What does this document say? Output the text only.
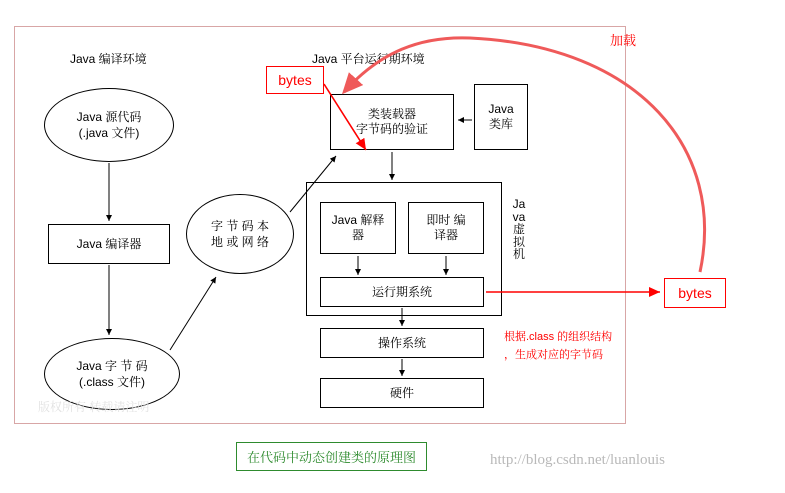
Java 编译环境	Java 平台运行期环境
Java 源代码
(.java 文件)
Java 编译器
Java 字 节 码
(.class 文件)
字 节 码 本
地 或 网 络
类装载器
字节码的验证
Java
类库
Java 解释
器
即时 编
译器
运行期系统
操作系统
硬件
Java虚拟机
bytes
bytes
加载
根据.class 的组织结构
，生成对应的字节码
在代码中动态创建类的原理图	http://blog.csdn.net/luanlouis
版权所有 转载请注明
